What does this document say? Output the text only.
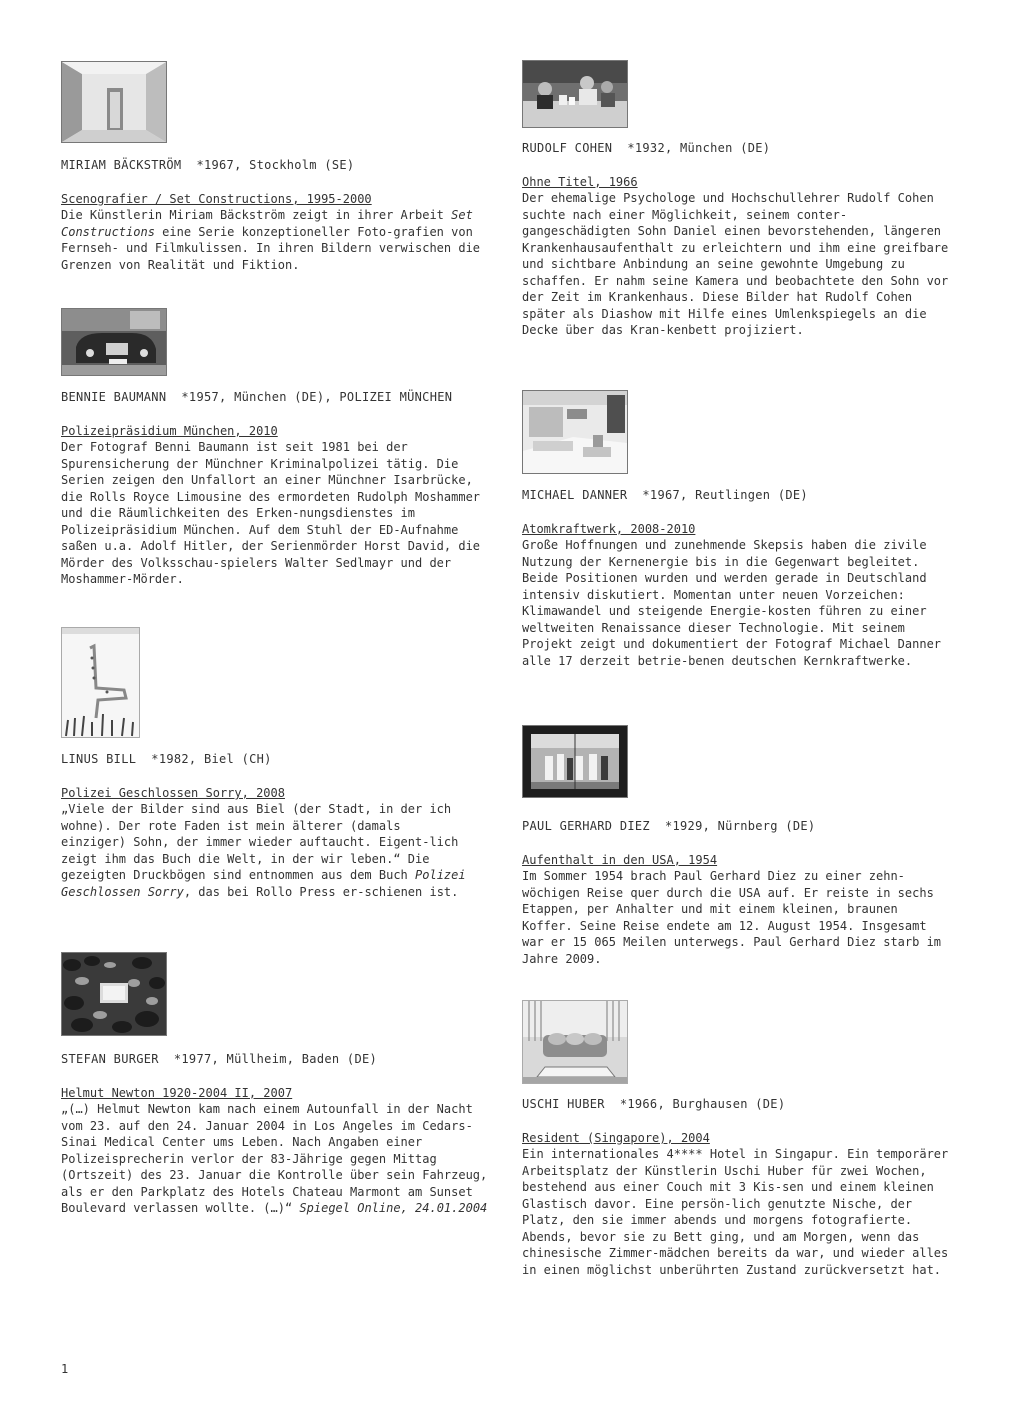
MIRIAM BÄCKSTRÖM  *1967, Stockholm (SE)

Scenografier / Set Constructions, 1995-2000

Die Künstlerin Miriam Bäckström zeigt in ihrer Arbeit Set Constructions eine Serie konzeptioneller Foto-grafien von Fernseh- und Filmkulissen. In ihren Bildern verwischen die Grenzen von Realität und Fiktion.

BENNIE BAUMANN  *1957, München (DE), POLIZEI MÜNCHEN

Polizeipräsidium München, 2010

Der Fotograf Benni Baumann ist seit 1981 bei der Spurensicherung der Münchner Kriminalpolizei tätig. Die Serien zeigen den Unfallort an einer Münchner Isarbrücke, die Rolls Royce Limousine des ermordeten Rudolph Moshammer und die Räumlichkeiten des Erken-nungsdienstes im Polizeipräsidium München. Auf dem Stuhl der ED-Aufnahme saßen u.a. Adolf Hitler, der Serienmörder Horst David, die Mörder des Volksschau-spielers Walter Sedlmayr und der Moshammer-Mörder.

LINUS BILL  *1982, Biel (CH)

Polizei Geschlossen Sorry, 2008

„Viele der Bilder sind aus Biel (der Stadt, in der ich wohne). Der rote Faden ist mein älterer (damals einziger) Sohn, der immer wieder auftaucht. Eigent-lich zeigt ihm das Buch die Welt, in der wir leben.“ Die gezeigten Druckbögen sind entnommen aus dem Buch Polizei Geschlossen Sorry, das bei Rollo Press er-schienen ist.

STEFAN BURGER  *1977, Müllheim, Baden (DE)

Helmut Newton 1920-2004 II, 2007

„(…) Helmut Newton kam nach einem Autounfall in der Nacht vom 23. auf den 24. Januar 2004 in Los Angeles im Cedars-Sinai Medical Center ums Leben. Nach Angaben einer Polizeisprecherin verlor der 83-Jährige gegen Mittag (Ortszeit) des 23. Januar die Kontrolle über sein Fahrzeug, als er den Parkplatz des Hotels Chateau Marmont am Sunset Boulevard verlassen wollte. (…)“ Spiegel Online, 24.01.2004

RUDOLF COHEN  *1932, München (DE)

Ohne Titel, 1966

Der ehemalige Psychologe und Hochschullehrer Rudolf Cohen suchte nach einer Möglichkeit, seinem conter-gangeschädigten Sohn Daniel einen bevorstehenden, längeren Krankenhausaufenthalt zu erleichtern und ihm eine greifbare und sichtbare Anbindung an seine gewohnte Umgebung zu schaffen. Er nahm seine Kamera und beobachtete den Sohn vor der Zeit im Krankenhaus. Diese Bilder hat Rudolf Cohen später als Diashow mit Hilfe eines Umlenkspiegels an die Decke über das Kran-kenbett projiziert.

MICHAEL DANNER  *1967, Reutlingen (DE)

Atomkraftwerk, 2008-2010

Große Hoffnungen und zunehmende Skepsis haben die zivile Nutzung der Kernenergie bis in die Gegenwart begleitet. Beide Positionen wurden und werden gerade in Deutschland intensiv diskutiert. Momentan unter neuen Vorzeichen: Klimawandel und steigende Energie-kosten führen zu einer weltweiten Renaissance dieser Technologie. Mit seinem Projekt zeigt und dokumentiert der Fotograf Michael Danner alle 17 derzeit betrie-benen deutschen Kernkraftwerke.

PAUL GERHARD DIEZ  *1929, Nürnberg (DE)

Aufenthalt in den USA, 1954

Im Sommer 1954 brach Paul Gerhard Diez zu einer zehn-wöchigen Reise quer durch die USA auf. Er reiste in sechs Etappen, per Anhalter und mit einem kleinen, braunen Koffer. Seine Reise endete am 12. August 1954. Insgesamt war er 15 065 Meilen unterwegs. Paul Gerhard Diez starb im Jahre 2009.

USCHI HUBER  *1966, Burghausen (DE)

Resident (Singapore), 2004

Ein internationales 4**** Hotel in Singapur. Ein temporärer Arbeitsplatz der Künstlerin Uschi Huber für zwei Wochen, bestehend aus einer Couch mit 3 Kis-sen und einem kleinen Glastisch davor. Eine persön-lich genutzte Nische, der Platz, den sie immer abends und morgens fotografierte. Abends, bevor sie zu Bett ging, und am Morgen, wenn das chinesische Zimmer-mädchen bereits da war, und wieder alles in einen möglichst unberührten Zustand zurückversetzt hat.

1
